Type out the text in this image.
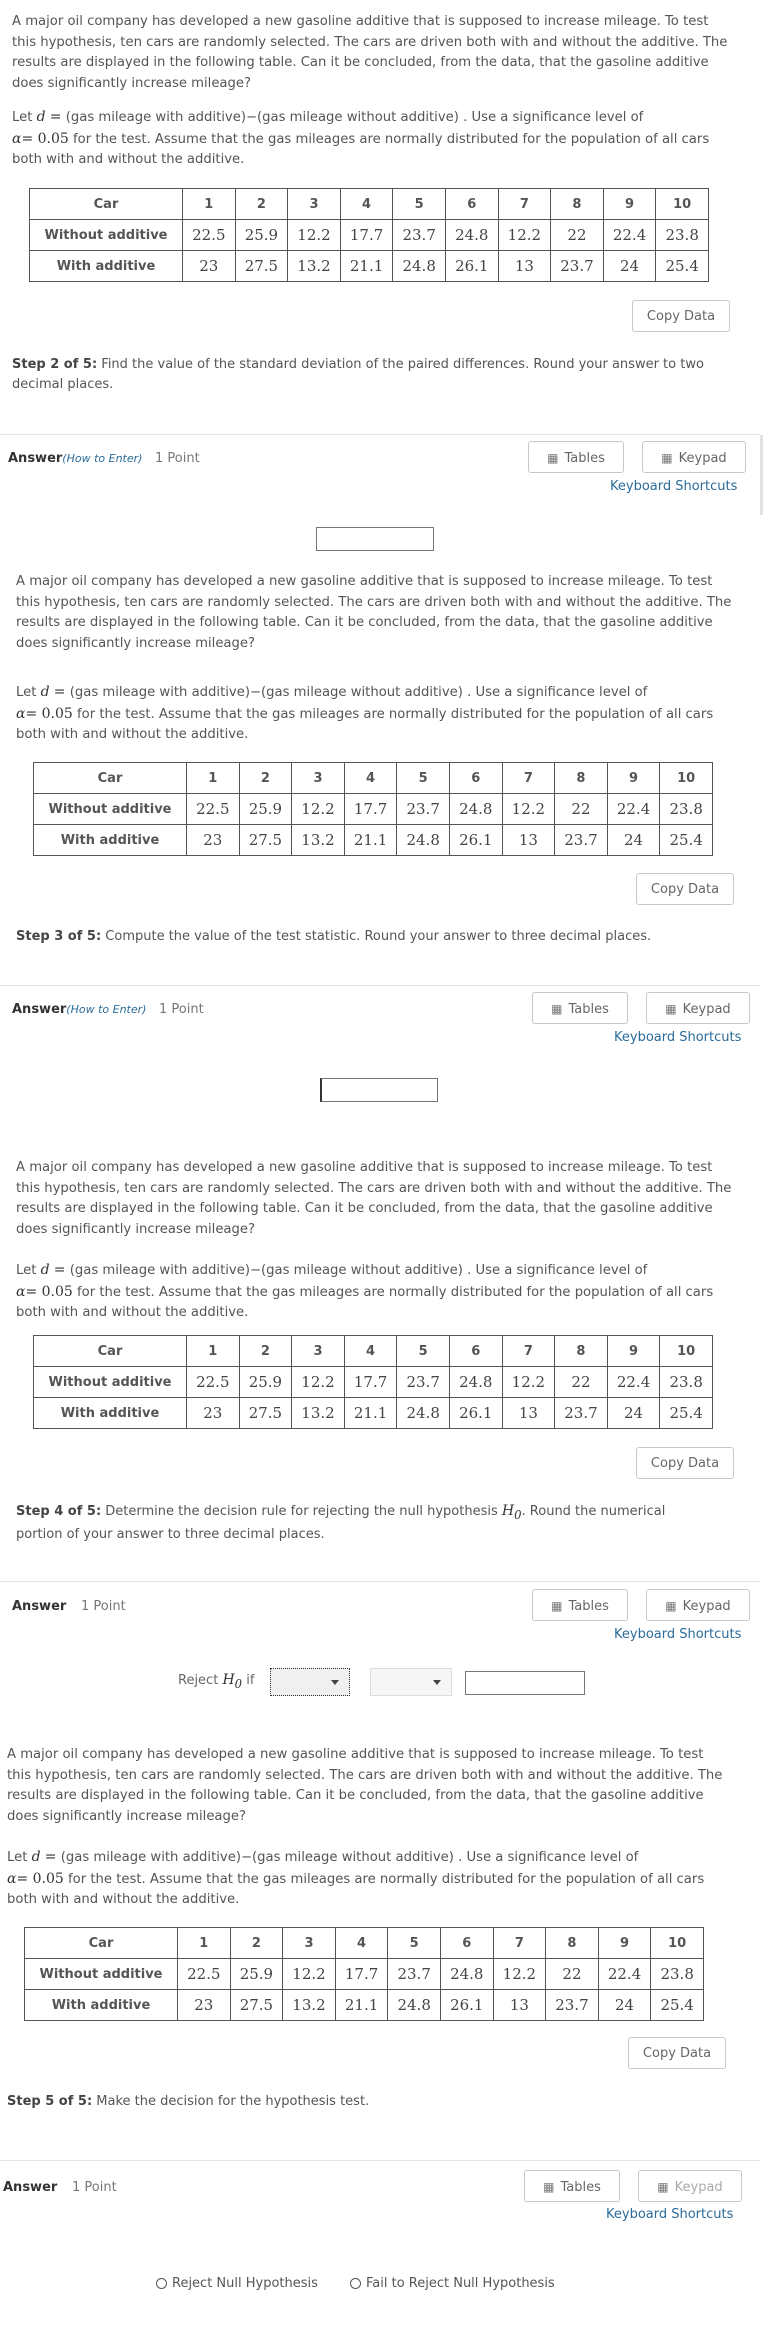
A major oil company has developed a new gasoline additive that is supposed to increase mileage. To test this hypothesis, ten cars are randomly selected. The cars are driven both with and without the additive. The results are displayed in the following table. Can it be concluded, from the data, that the gasoline additive does significantly increase mileage?

Let d = (gas mileage with additive)−(gas mileage without additive) . Use a significance level of
α= 0.05 for the test. Assume that the gas mileages are normally distributed for the population of all cars both with and without the additive.

Car	1	2	3	4	5	6	7	8	9	10
Without additive	22.5	25.9	12.2	17.7	23.7	24.8	12.2	22	22.4	23.8
With additive	23	27.5	13.2	21.1	24.8	26.1	13	23.7	24	25.4
Copy Data

Step 2 of 5: Find the value of the standard deviation of the paired differences. Round your answer to two decimal places.

Answer(How to Enter) 1 Point	▦ Tables	▦ Keypad
Keyboard Shortcuts

A major oil company has developed a new gasoline additive that is supposed to increase mileage. To test this hypothesis, ten cars are randomly selected. The cars are driven both with and without the additive. The results are displayed in the following table. Can it be concluded, from the data, that the gasoline additive does significantly increase mileage?

Let d = (gas mileage with additive)−(gas mileage without additive) . Use a significance level of
α= 0.05 for the test. Assume that the gas mileages are normally distributed for the population of all cars both with and without the additive.

Car	1	2	3	4	5	6	7	8	9	10
Without additive	22.5	25.9	12.2	17.7	23.7	24.8	12.2	22	22.4	23.8
With additive	23	27.5	13.2	21.1	24.8	26.1	13	23.7	24	25.4
Copy Data

Step 3 of 5: Compute the value of the test statistic. Round your answer to three decimal places.

Answer(How to Enter) 1 Point	▦ Tables	▦ Keypad
Keyboard Shortcuts

A major oil company has developed a new gasoline additive that is supposed to increase mileage. To test this hypothesis, ten cars are randomly selected. The cars are driven both with and without the additive. The results are displayed in the following table. Can it be concluded, from the data, that the gasoline additive does significantly increase mileage?

Let d = (gas mileage with additive)−(gas mileage without additive) . Use a significance level of
α= 0.05 for the test. Assume that the gas mileages are normally distributed for the population of all cars both with and without the additive.

Car	1	2	3	4	5	6	7	8	9	10
Without additive	22.5	25.9	12.2	17.7	23.7	24.8	12.2	22	22.4	23.8
With additive	23	27.5	13.2	21.1	24.8	26.1	13	23.7	24	25.4
Copy Data

Step 4 of 5: Determine the decision rule for rejecting the null hypothesis $H_0$. Round the numerical portion of your answer to three decimal places.

Answer 1 Point	▦ Tables	▦ Keypad
Keyboard Shortcuts
Reject $H_0$ if

A major oil company has developed a new gasoline additive that is supposed to increase mileage. To test this hypothesis, ten cars are randomly selected. The cars are driven both with and without the additive. The results are displayed in the following table. Can it be concluded, from the data, that the gasoline additive does significantly increase mileage?

Let d = (gas mileage with additive)−(gas mileage without additive) . Use a significance level of
α= 0.05 for the test. Assume that the gas mileages are normally distributed for the population of all cars both with and without the additive.

Car	1	2	3	4	5	6	7	8	9	10
Without additive	22.5	25.9	12.2	17.7	23.7	24.8	12.2	22	22.4	23.8
With additive	23	27.5	13.2	21.1	24.8	26.1	13	23.7	24	25.4
Copy Data

Step 5 of 5: Make the decision for the hypothesis test.

Answer 1 Point	▦ Tables	▦ Keypad
Keyboard Shortcuts
Reject Null Hypothesis	Fail to Reject Null Hypothesis
